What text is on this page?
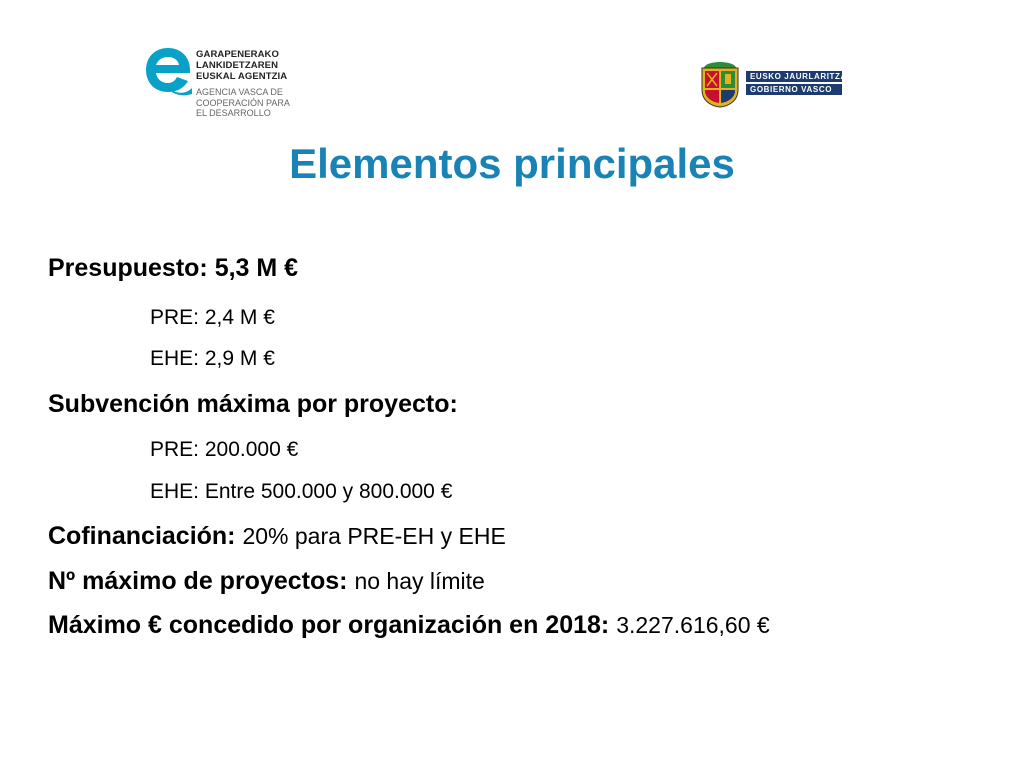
GARAPENERAKO
LANKIDETZAREN
EUSKAL AGENTZIA
AGENCIA VASCA DE
COOPERACIÓN PARA
EL DESARROLLO
EUSKO JAURLARITZA
GOBIERNO VASCO
Elementos principales
Presupuesto: 5,3 M €
PRE: 2,4 M €
EHE: 2,9 M €
Subvención máxima por proyecto:
PRE: 200.000 €
EHE: Entre 500.000 y 800.000 €
Cofinanciación: 20% para PRE-EH y EHE
Nº máximo de proyectos: no hay límite
Máximo € concedido por organización en 2018: 3.227.616,60 €
